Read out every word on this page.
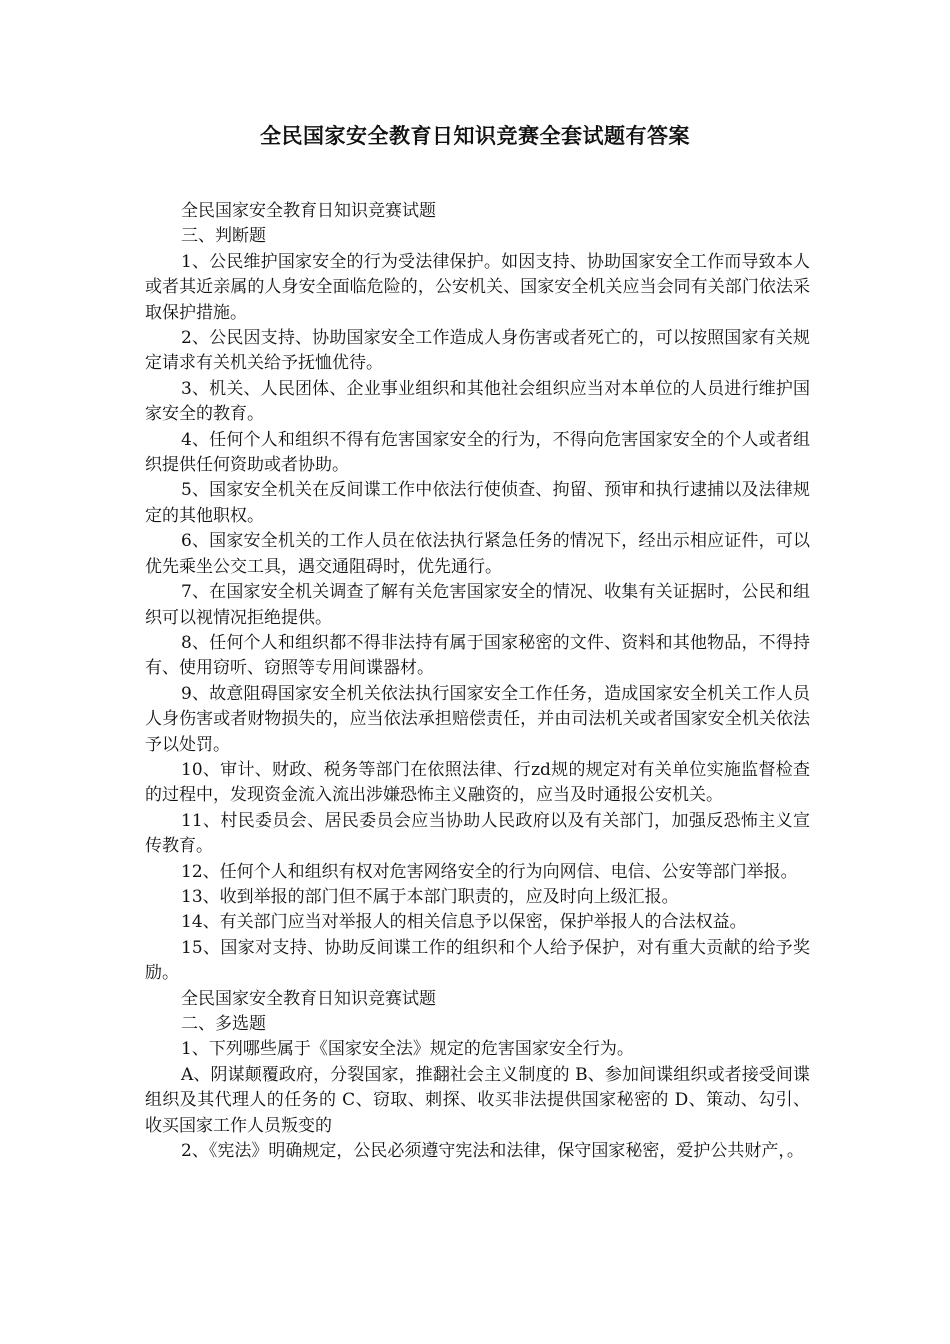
全民国家安全教育日知识竞赛全套试题有答案

全民国家安全教育日知识竞赛试题

三、判断题

1、公民维护国家安全的行为受法律保护。如因支持、协助国家安全工作而导致本人或者其近亲属的人身安全面临危险的，公安机关、国家安全机关应当会同有关部门依法采取保护措施。

2、公民因支持、协助国家安全工作造成人身伤害或者死亡的，可以按照国家有关规定请求有关机关给予抚恤优待。

3、机关、人民团体、企业事业组织和其他社会组织应当对本单位的人员进行维护国家安全的教育。

4、任何个人和组织不得有危害国家安全的行为，不得向危害国家安全的个人或者组织提供任何资助或者协助。

5、国家安全机关在反间谍工作中依法行使侦查、拘留、预审和执行逮捕以及法律规定的其他职权。

6、国家安全机关的工作人员在依法执行紧急任务的情况下，经出示相应证件，可以优先乘坐公交工具，遇交通阻碍时，优先通行。

7、在国家安全机关调查了解有关危害国家安全的情况、收集有关证据时，公民和组织可以视情况拒绝提供。

8、任何个人和组织都不得非法持有属于国家秘密的文件、资料和其他物品，不得持有、使用窃听、窃照等专用间谍器材。

9、故意阻碍国家安全机关依法执行国家安全工作任务，造成国家安全机关工作人员人身伤害或者财物损失的，应当依法承担赔偿责任，并由司法机关或者国家安全机关依法予以处罚。

10、审计、财政、税务等部门在依照法律、行zd规的规定对有关单位实施监督检查的过程中，发现资金流入流出涉嫌恐怖主义融资的，应当及时通报公安机关。

11、村民委员会、居民委员会应当协助人民政府以及有关部门，加强反恐怖主义宣传教育。

12、任何个人和组织有权对危害网络安全的行为向网信、电信、公安等部门举报。

13、收到举报的部门但不属于本部门职责的，应及时向上级汇报。

14、有关部门应当对举报人的相关信息予以保密，保护举报人的合法权益。

15、国家对支持、协助反间谍工作的组织和个人给予保护，对有重大贡献的给予奖励。

全民国家安全教育日知识竞赛试题

二、多选题

1、下列哪些属于《国家安全法》规定的危害国家安全行为。

A、阴谋颠覆政府，分裂国家，推翻社会主义制度的 B、参加间谍组织或者接受间谍组织及其代理人的任务的 C、窃取、刺探、收买非法提供国家秘密的 D、策动、勾引、收买国家工作人员叛变的

2、《宪法》明确规定，公民必须遵守宪法和法律，保守国家秘密，爱护公共财产，。
